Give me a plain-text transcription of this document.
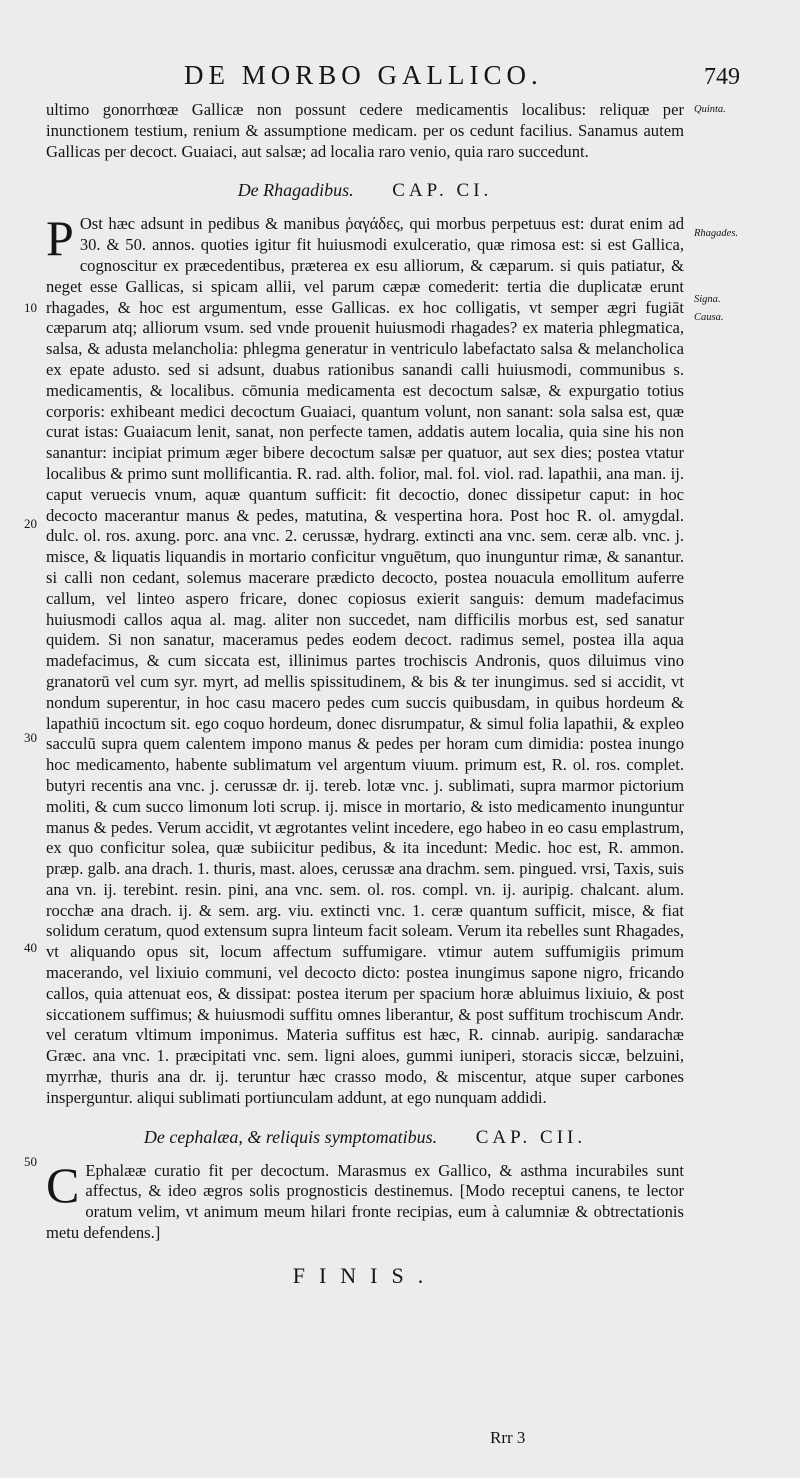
DE MORBO GALLICO.	749
Quinta.
Rhagades.
Signa.
Causa.
10
20
30
40
50

ultimo gonorrhœæ Gallicæ non possunt cedere medicamentis localibus: reliquæ per inunctionem testium, renium & assumptione medicam. per os cedunt facilius. Sanamus autem Gallicas per decoct. Guaiaci, aut salsæ; ad localia raro venio, quia raro succedunt.

De Rhagadibus. CAP. CI.

P Ost hæc adsunt in pedibus & manibus ῥαγάδες, qui morbus perpetuus est: durat enim ad 30. & 50. annos. quoties igitur fit huiusmodi exulceratio, quæ rimosa est: si est Gallica, cognoscitur ex præcedentibus, præterea ex esu alliorum, & cæparum. si quis patiatur, & neget esse Gallicas, si spicam allii, vel parum cæpæ comederit: tertia die duplicatæ erunt rhagades, & hoc est argumentum, esse Gallicas. ex hoc colligatis, vt semper ægri fugiāt cæparum atq; alliorum vsum. sed vnde prouenit huiusmodi rhagades? ex materia phlegmatica, salsa, & adusta melancholia: phlegma generatur in ventriculo labefactato salsa & melancholica ex epate adusto. sed si adsunt, duabus rationibus sanandi calli huiusmodi, communibus s. medicamentis, & localibus. cōmunia medicamenta est decoctum salsæ, & expurgatio totius corporis: exhibeant medici decoctum Guaiaci, quantum volunt, non sanant: sola salsa est, quæ curat istas: Guaiacum lenit, sanat, non perfecte tamen, addatis autem localia, quia sine his non sanantur: incipiat primum æger bibere decoctum salsæ per quatuor, aut sex dies; postea vtatur localibus & primo sunt mollificantia. R. rad. alth. folior, mal. fol. viol. rad. lapathii, ana man. ij. caput veruecis vnum, aquæ quantum sufficit: fit decoctio, donec dissipetur caput: in hoc decocto macerantur manus & pedes, matutina, & vespertina hora. Post hoc R. ol. amygdal. dulc. ol. ros. axung. porc. ana vnc. 2. cerussæ, hydrarg. extincti ana vnc. sem. ceræ alb. vnc. j. misce, & liquatis liquandis in mortario conficitur vnguētum, quo inunguntur rimæ, & sanantur. si calli non cedant, solemus macerare prædicto decocto, postea nouacula emollitum auferre callum, vel linteo aspero fricare, donec copiosus exierit sanguis: demum madefacimus huiusmodi callos aqua al. mag. aliter non succedet, nam difficilis morbus est, sed sanatur quidem. Si non sanatur, maceramus pedes eodem decoct. radimus semel, postea illa aqua madefacimus, & cum siccata est, illinimus partes trochiscis Andronis, quos diluimus vino granatorū vel cum syr. myrt, ad mellis spissitudinem, & bis & ter inungimus. sed si accidit, vt nondum superentur, in hoc casu macero pedes cum succis quibusdam, in quibus hordeum & lapathiū incoctum sit. ego coquo hordeum, donec disrumpatur, & simul folia lapathii, & expleo sacculū supra quem calentem impono manus & pedes per horam cum dimidia: postea inungo hoc medicamento, habente sublimatum vel argentum viuum. primum est, R. ol. ros. complet. butyri recentis ana vnc. j. cerussæ dr. ij. tereb. lotæ vnc. j. sublimati, supra marmor pictorium moliti, & cum succo limonum loti scrup. ij. misce in mortario, & isto medicamento inunguntur manus & pedes. Verum accidit, vt ægrotantes velint incedere, ego habeo in eo casu emplastrum, ex quo conficitur solea, quæ subiicitur pedibus, & ita incedunt: Medic. hoc est, R. ammon. præp. galb. ana drach. 1. thuris, mast. aloes, cerussæ ana drachm. sem. pingued. vrsi, Taxis, suis ana vn. ij. terebint. resin. pini, ana vnc. sem. ol. ros. compl. vn. ij. auripig. chalcant. alum. rocchæ ana drach. ij. & sem. arg. viu. extincti vnc. 1. ceræ quantum sufficit, misce, & fiat solidum ceratum, quod extensum supra linteum facit soleam. Verum ita rebelles sunt Rhagades, vt aliquando opus sit, locum affectum suffumigare. vtimur autem suffumigiis primum macerando, vel lixiuio communi, vel decocto dicto: postea inungimus sapone nigro, fricando callos, quia attenuat eos, & dissipat: postea iterum per spacium horæ abluimus lixiuio, & post siccationem suffimus; & huiusmodi suffitu omnes liberantur, & post suffitum trochiscum Andr. vel ceratum vltimum imponimus. Materia suffitus est hæc, R. cinnab. auripig. sandarachæ Græc. ana vnc. 1. præcipitati vnc. sem. ligni aloes, gummi iuniperi, storacis siccæ, belzuini, myrrhæ, thuris ana dr. ij. teruntur hæc crasso modo, & miscentur, atque super carbones insperguntur. aliqui sublimati portiunculam addunt, at ego nunquam addidi.

De cephalæa, & reliquis symptomatibus. CAP. CII.

C Ephalææ curatio fit per decoctum. Marasmus ex Gallico, & asthma incurabiles sunt affectus, & ideo ægros solis prognosticis destinemus. [Modo receptui canens, te lector oratum velim, vt animum meum hilari fronte recipias, eum à calumniæ & obtrectationis metu defendens.]

FINIS.
Rrr 3
